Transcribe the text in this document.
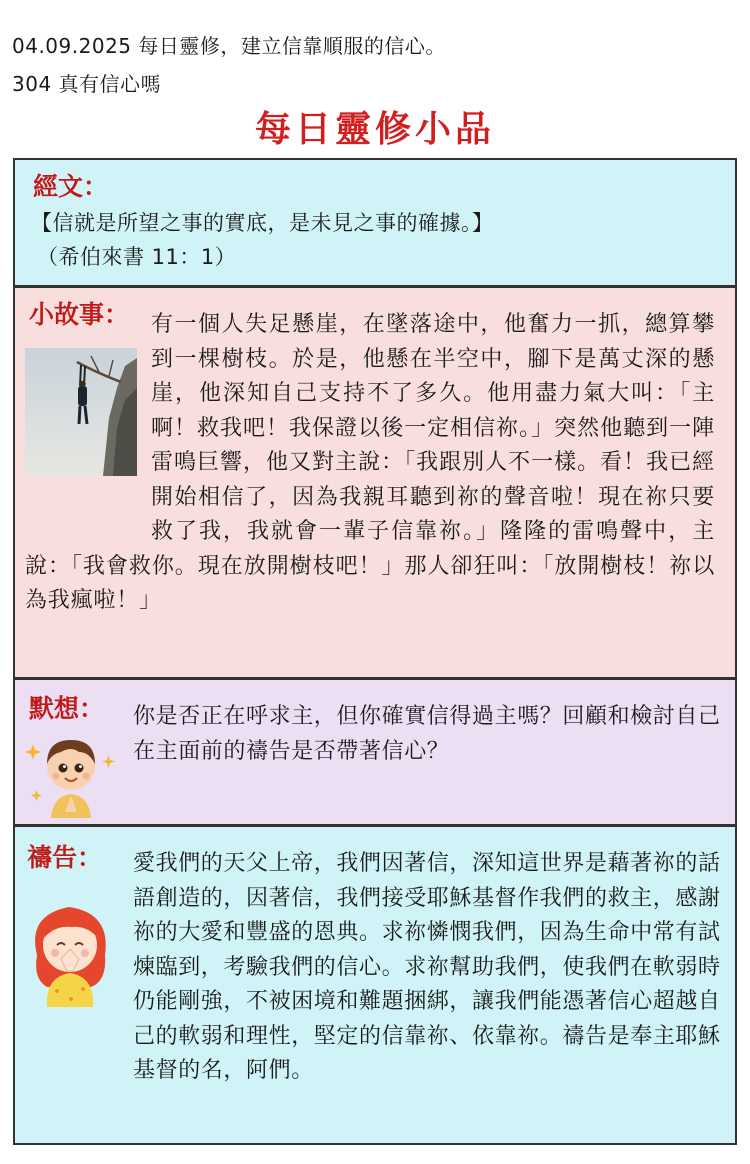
04.09.2025 每日靈修，建立信靠順服的信心。
304 真有信心嗎
每日靈修小品
經文：
【信就是所望之事的實底，是未見之事的確據。】
（希伯來書 11：1）
有一個人失足懸崖，在墜落途中，他奮力一抓，總算攀到一棵樹枝。於是，他懸在半空中，腳下是萬丈深的懸崖，他深知自己支持不了多久。他用盡力氣大叫：「主啊！救我吧！我保證以後一定相信祢。」突然他聽到一陣雷鳴巨響，他又對主說：「我跟別人不一樣。看！我已經開始相信了，因為我親耳聽到祢的聲音啦！現在祢只要救了我，我就會一輩子信靠祢。」隆隆的雷鳴聲中，主說：「我會救你。現在放開樹枝吧！」那人卻狂叫：「放開樹枝！祢以為我瘋啦！」
小故事：
默想： 你是否正在呼求主，但你確實信得過主嗎？回顧和檢討自己在主面前的禱告是否帶著信心？
禱告： 愛我們的天父上帝，我們因著信，深知這世界是藉著祢的話語創造的，因著信，我們接受耶穌基督作我們的救主，感謝祢的大愛和豐盛的恩典。求祢憐憫我們，因為生命中常有試煉臨到，考驗我們的信心。求祢幫助我們，使我們在軟弱時仍能剛強，不被困境和難題捆綁，讓我們能憑著信心超越自己的軟弱和理性，堅定的信靠祢、依靠祢。禱告是奉主耶穌基督的名，阿們。
